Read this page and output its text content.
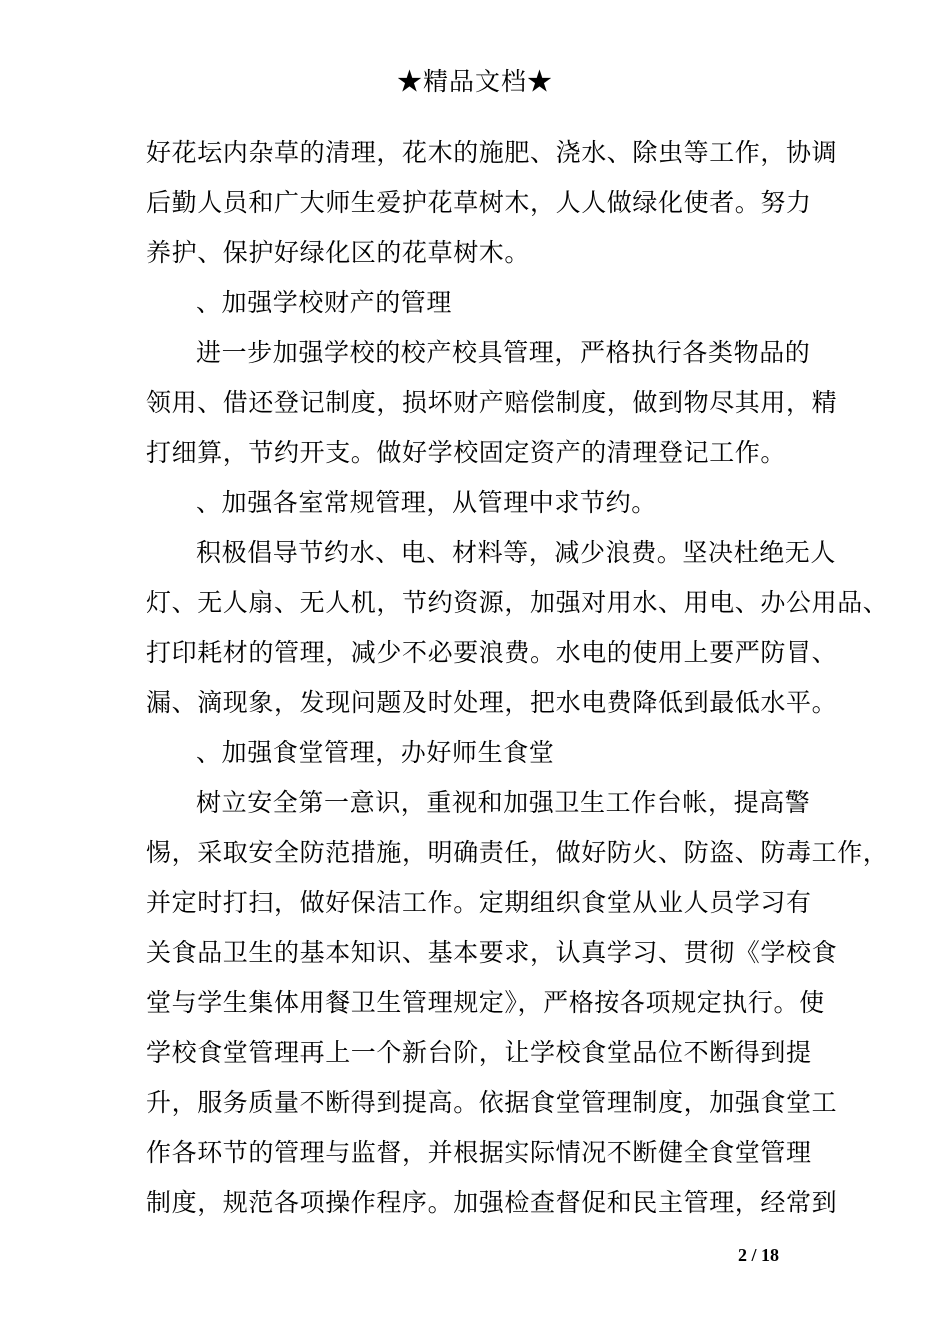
★精品文档★
好花坛内杂草的清理，花木的施肥、浇水、除虫等工作，协调
后勤人员和广大师生爱护花草树木，人人做绿化使者。努力
养护、保护好绿化区的花草树木。
、加强学校财产的管理
进一步加强学校的校产校具管理，严格执行各类物品的
领用、借还登记制度，损坏财产赔偿制度，做到物尽其用，精
打细算，节约开支。做好学校固定资产的清理登记工作。
、加强各室常规管理，从管理中求节约。
积极倡导节约水、电、材料等，减少浪费。坚决杜绝无人
灯、无人扇、无人机，节约资源，加强对用水、用电、办公用品、
打印耗材的管理，减少不必要浪费。水电的使用上要严防冒、
漏、滴现象，发现问题及时处理，把水电费降低到最低水平。
、加强食堂管理，办好师生食堂
树立安全第一意识，重视和加强卫生工作台帐，提高警
惕，采取安全防范措施，明确责任，做好防火、防盗、防毒工作，
并定时打扫，做好保洁工作。定期组织食堂从业人员学习有
关食品卫生的基本知识、基本要求，认真学习、贯彻《学校食
堂与学生集体用餐卫生管理规定》，严格按各项规定执行。使
学校食堂管理再上一个新台阶，让学校食堂品位不断得到提
升，服务质量不断得到提高。依据食堂管理制度，加强食堂工
作各环节的管理与监督，并根据实际情况不断健全食堂管理
制度，规范各项操作程序。加强检查督促和民主管理，经常到
2 / 18
